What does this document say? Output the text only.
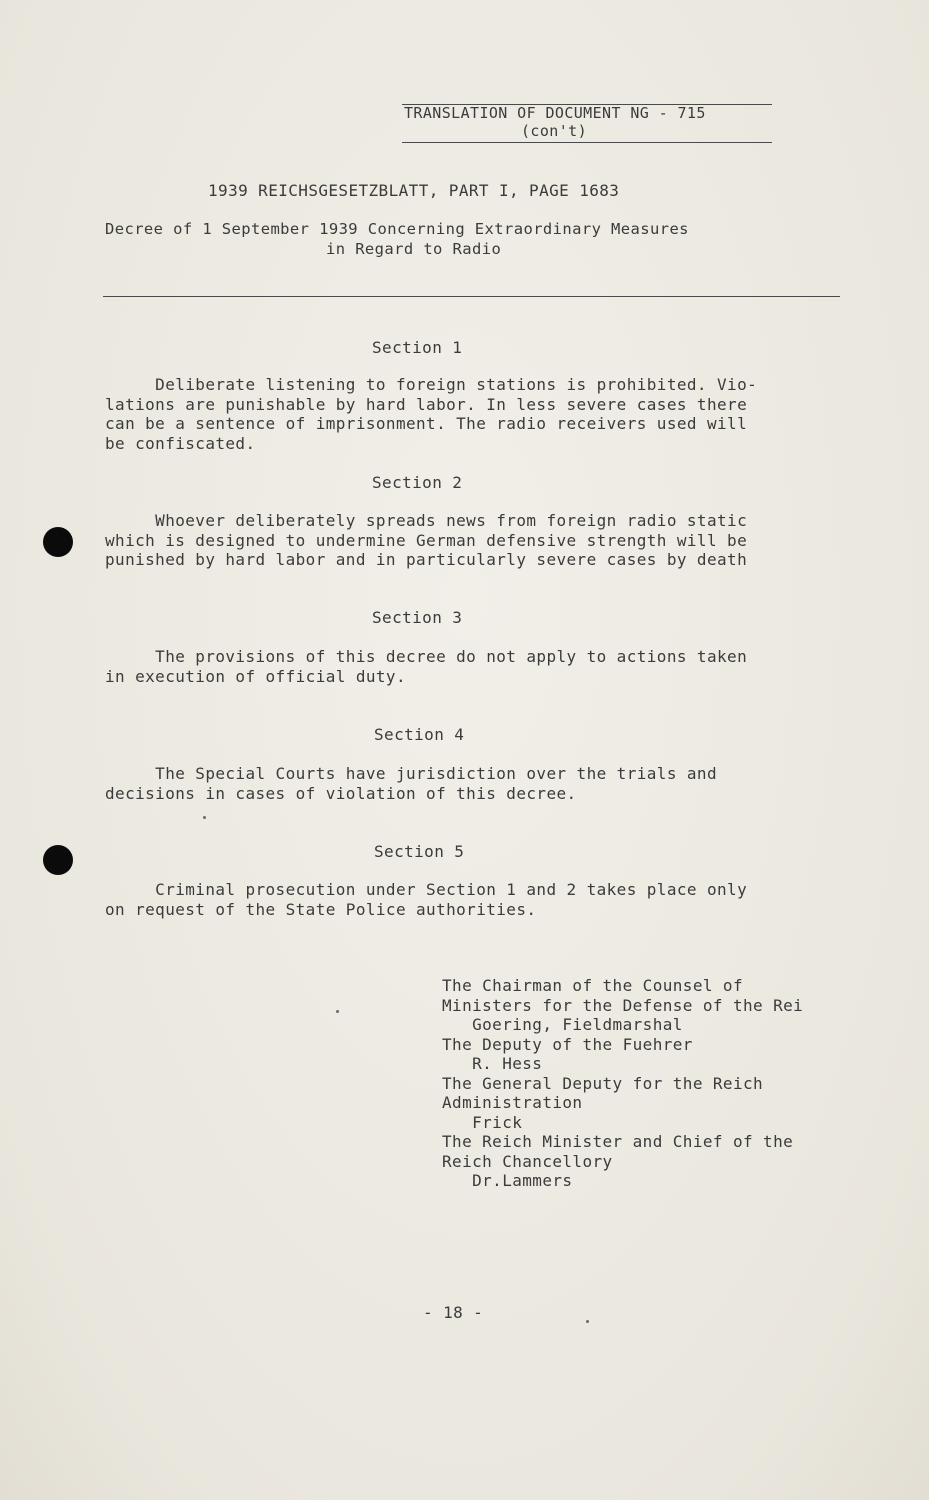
TRANSLATION OF DOCUMENT NG - 715
(con't)
1939 REICHSGESETZBLATT, PART I, PAGE 1683
Decree of 1 September 1939 Concerning Extraordinary Measures
in Regard to Radio
Section 1
Deliberate listening to foreign stations is prohibited. Vio-
lations are punishable by hard labor. In less severe cases there
can be a sentence of imprisonment. The radio receivers used will
be confiscated.
Section 2
Whoever deliberately spreads news from foreign radio static
which is designed to undermine German defensive strength will be
punished by hard labor and in particularly severe cases by death
Section 3
The provisions of this decree do not apply to actions taken
in execution of official duty.
Section 4
The Special Courts have jurisdiction over the trials and
decisions in cases of violation of this decree.
Section 5
Criminal prosecution under Section 1 and 2 takes place only
on request of the State Police authorities.
The Chairman of the Counsel of
Ministers for the Defense of the Rei
Goering, Fieldmarshal
The Deputy of the Fuehrer
R. Hess
The General Deputy for the Reich
Administration
Frick
The Reich Minister and Chief of the
Reich Chancellory
Dr.Lammers
- 18 -
